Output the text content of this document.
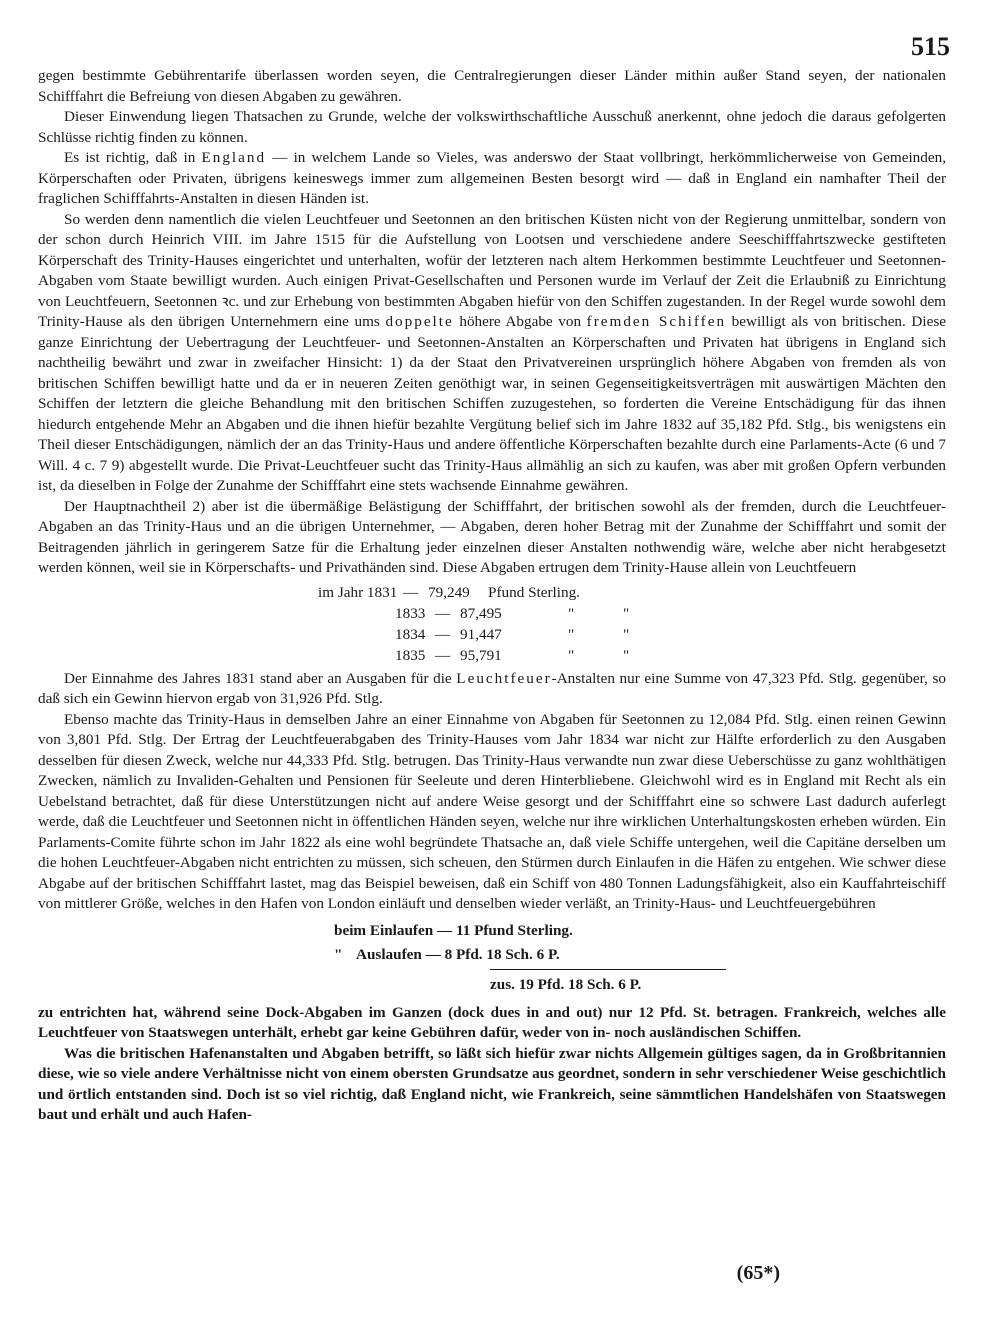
515

gegen bestimmte Gebührentarife überlassen worden seyen, die Centralregierungen dieser Länder mithin außer Stand seyen, der nationalen Schifffahrt die Befreiung von diesen Abgaben zu gewähren.

Dieser Einwendung liegen Thatsachen zu Grunde, welche der volkswirthschaftliche Ausschuß anerkennt, ohne jedoch die daraus gefolgerten Schlüsse richtig finden zu können.

Es ist richtig, daß in England — in welchem Lande so Vieles, was anderswo der Staat vollbringt, herkömmlicherweise von Gemeinden, Körperschaften oder Privaten, übrigens keineswegs immer zum allgemeinen Besten besorgt wird — daß in England ein namhafter Theil der fraglichen Schifffahrts-Anstalten in diesen Händen ist.

So werden denn namentlich die vielen Leuchtfeuer und Seetonnen an den britischen Küsten nicht von der Regierung unmittelbar, sondern von der schon durch Heinrich VIII. im Jahre 1515 für die Aufstellung von Lootsen und verschiedene andere Seeschifffahrtszwecke gestifteten Körperschaft des Trinity-Hauses eingerichtet und unterhalten, wofür der letzteren nach altem Herkommen bestimmte Leuchtfeuer und Seetonnen-Abgaben vom Staate bewilligt wurden. Auch einigen Privat-Gesellschaften und Personen wurde im Verlauf der Zeit die Erlaubniß zu Einrichtung von Leuchtfeuern, Seetonnen ꝛc. und zur Erhebung von bestimmten Abgaben hiefür von den Schiffen zugestanden. In der Regel wurde sowohl dem Trinity-Hause als den übrigen Unternehmern eine ums doppelte höhere Abgabe von fremden Schiffen bewilligt als von britischen. Diese ganze Einrichtung der Uebertragung der Leuchtfeuer- und Seetonnen-Anstalten an Körperschaften und Privaten hat übrigens in England sich nachtheilig bewährt und zwar in zweifacher Hinsicht: 1) da der Staat den Privatvereinen ursprünglich höhere Abgaben von fremden als von britischen Schiffen bewilligt hatte und da er in neueren Zeiten genöthigt war, in seinen Gegenseitigkeitsverträgen mit auswärtigen Mächten den Schiffen der letztern die gleiche Behandlung mit den britischen Schiffen zuzugestehen, so forderten die Vereine Entschädigung für das ihnen hiedurch entgehende Mehr an Abgaben und die ihnen hiefür bezahlte Vergütung belief sich im Jahre 1832 auf 35,182 Pfd. Stlg., bis wenigstens ein Theil dieser Entschädigungen, nämlich der an das Trinity-Haus und andere öffentliche Körperschaften bezahlte durch eine Parlaments-Acte (6 und 7 Will. 4 c. 7 9) abgestellt wurde. Die Privat-Leuchtfeuer sucht das Trinity-Haus allmählig an sich zu kaufen, was aber mit großen Opfern verbunden ist, da dieselben in Folge der Zunahme der Schifffahrt eine stets wachsende Einnahme gewähren.

Der Hauptnachtheil 2) aber ist die übermäßige Belästigung der Schifffahrt, der britischen sowohl als der fremden, durch die Leuchtfeuer-Abgaben an das Trinity-Haus und an die übrigen Unternehmer, — Abgaben, deren hoher Betrag mit der Zunahme der Schifffahrt und somit der Beitragenden jährlich in geringerem Satze für die Erhaltung jeder einzelnen dieser Anstalten nothwendig wäre, welche aber nicht herabgesetzt werden können, weil sie in Körperschafts- und Privathänden sind. Diese Abgaben ertrugen dem Trinity-Hause allein von Leuchtfeuern

im Jahr 1831 — 79,249 Pfund Sterling.
1833 — 87,495	"	"
1834 — 91,447	"	"
1835 — 95,791	"	"

Der Einnahme des Jahres 1831 stand aber an Ausgaben für die Leuchtfeuer-Anstalten nur eine Summe von 47,323 Pfd. Stlg. gegenüber, so daß sich ein Gewinn hiervon ergab von 31,926 Pfd. Stlg.

Ebenso machte das Trinity-Haus in demselben Jahre an einer Einnahme von Abgaben für Seetonnen zu 12,084 Pfd. Stlg. einen reinen Gewinn von 3,801 Pfd. Stlg. Der Ertrag der Leuchtfeuerabgaben des Trinity-Hauses vom Jahr 1834 war nicht zur Hälfte erforderlich zu den Ausgaben desselben für diesen Zweck, welche nur 44,333 Pfd. Stlg. betrugen. Das Trinity-Haus verwandte nun zwar diese Ueberschüsse zu ganz wohlthätigen Zwecken, nämlich zu Invaliden-Gehalten und Pensionen für Seeleute und deren Hinterbliebene. Gleichwohl wird es in England mit Recht als ein Uebelstand betrachtet, daß für diese Unterstützungen nicht auf andere Weise gesorgt und der Schifffahrt eine so schwere Last dadurch auferlegt werde, daß die Leuchtfeuer und Seetonnen nicht in öffentlichen Händen seyen, welche nur ihre wirklichen Unterhaltungskosten erheben würden. Ein Parlaments-Comite führte schon im Jahr 1822 als eine wohl begründete Thatsache an, daß viele Schiffe untergehen, weil die Capitäne derselben um die hohen Leuchtfeuer-Abgaben nicht entrichten zu müssen, sich scheuen, den Stürmen durch Einlaufen in die Häfen zu entgehen. Wie schwer diese Abgabe auf der britischen Schifffahrt lastet, mag das Beispiel beweisen, daß ein Schiff von 480 Tonnen Ladungsfähigkeit, also ein Kauffahrteischiff von mittlerer Größe, welches in den Hafen von London einläuft und denselben wieder verläßt, an Trinity-Haus- und Leuchtfeuergebühren

beim Einlaufen — 11 Pfund Sterling.
" Auslaufen — 8 Pfd. 18 Sch. 6 P.
zus. 19 Pfd. 18 Sch. 6 P.

zu entrichten hat, während seine Dock-Abgaben im Ganzen (dock dues in and out) nur 12 Pfd. St. betragen. Frankreich, welches alle Leuchtfeuer von Staatswegen unterhält, erhebt gar keine Gebühren dafür, weder von in- noch ausländischen Schiffen.

Was die britischen Hafenanstalten und Abgaben betrifft, so läßt sich hiefür zwar nichts Allgemein gültiges sagen, da in Großbritannien diese, wie so viele andere Verhältnisse nicht von einem obersten Grundsatze aus geordnet, sondern in sehr verschiedener Weise geschichtlich und örtlich entstanden sind. Doch ist so viel richtig, daß England nicht, wie Frankreich, seine sämmtlichen Handelshäfen von Staatswegen baut und erhält und auch Hafen-

(65*)
